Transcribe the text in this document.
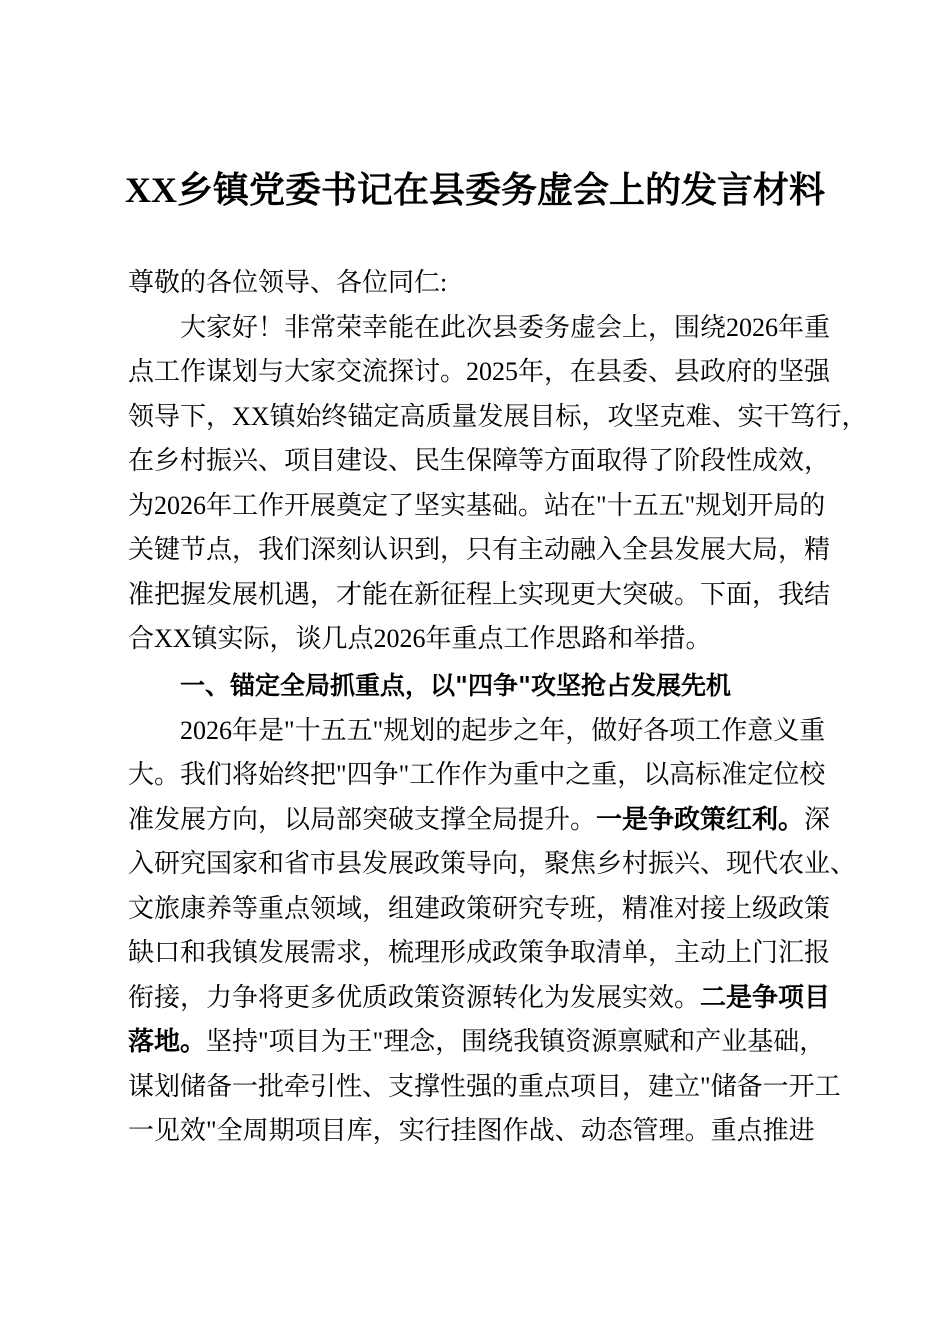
XX乡镇党委书记在县委务虚会上的发言材料
尊敬的各位领导、各位同仁:
大家好！非常荣幸能在此次县委务虚会上，围绕2026年重
点工作谋划与大家交流探讨。2025年，在县委、县政府的坚强
领导下，XX镇始终锚定高质量发展目标，攻坚克难、实干笃行，
在乡村振兴、项目建设、民生保障等方面取得了阶段性成效，
为2026年工作开展奠定了坚实基础。站在"十五五"规划开局的
关键节点，我们深刻认识到，只有主动融入全县发展大局，精
准把握发展机遇，才能在新征程上实现更大突破。下面，我结
合XX镇实际，谈几点2026年重点工作思路和举措。
一、锚定全局抓重点，以"四争"攻坚抢占发展先机
2026年是"十五五"规划的起步之年，做好各项工作意义重
大。我们将始终把"四争"工作作为重中之重，以高标准定位校
准发展方向，以局部突破支撑全局提升。一是争政策红利。深
入研究国家和省市县发展政策导向，聚焦乡村振兴、现代农业、
文旅康养等重点领域，组建政策研究专班，精准对接上级政策
缺口和我镇发展需求，梳理形成政策争取清单，主动上门汇报
衔接，力争将更多优质政策资源转化为发展实效。二是争项目
落地。坚持"项目为王"理念，围绕我镇资源禀赋和产业基础，
谋划储备一批牵引性、支撑性强的重点项目，建立"储备一开工
一见效"全周期项目库，实行挂图作战、动态管理。重点推进
